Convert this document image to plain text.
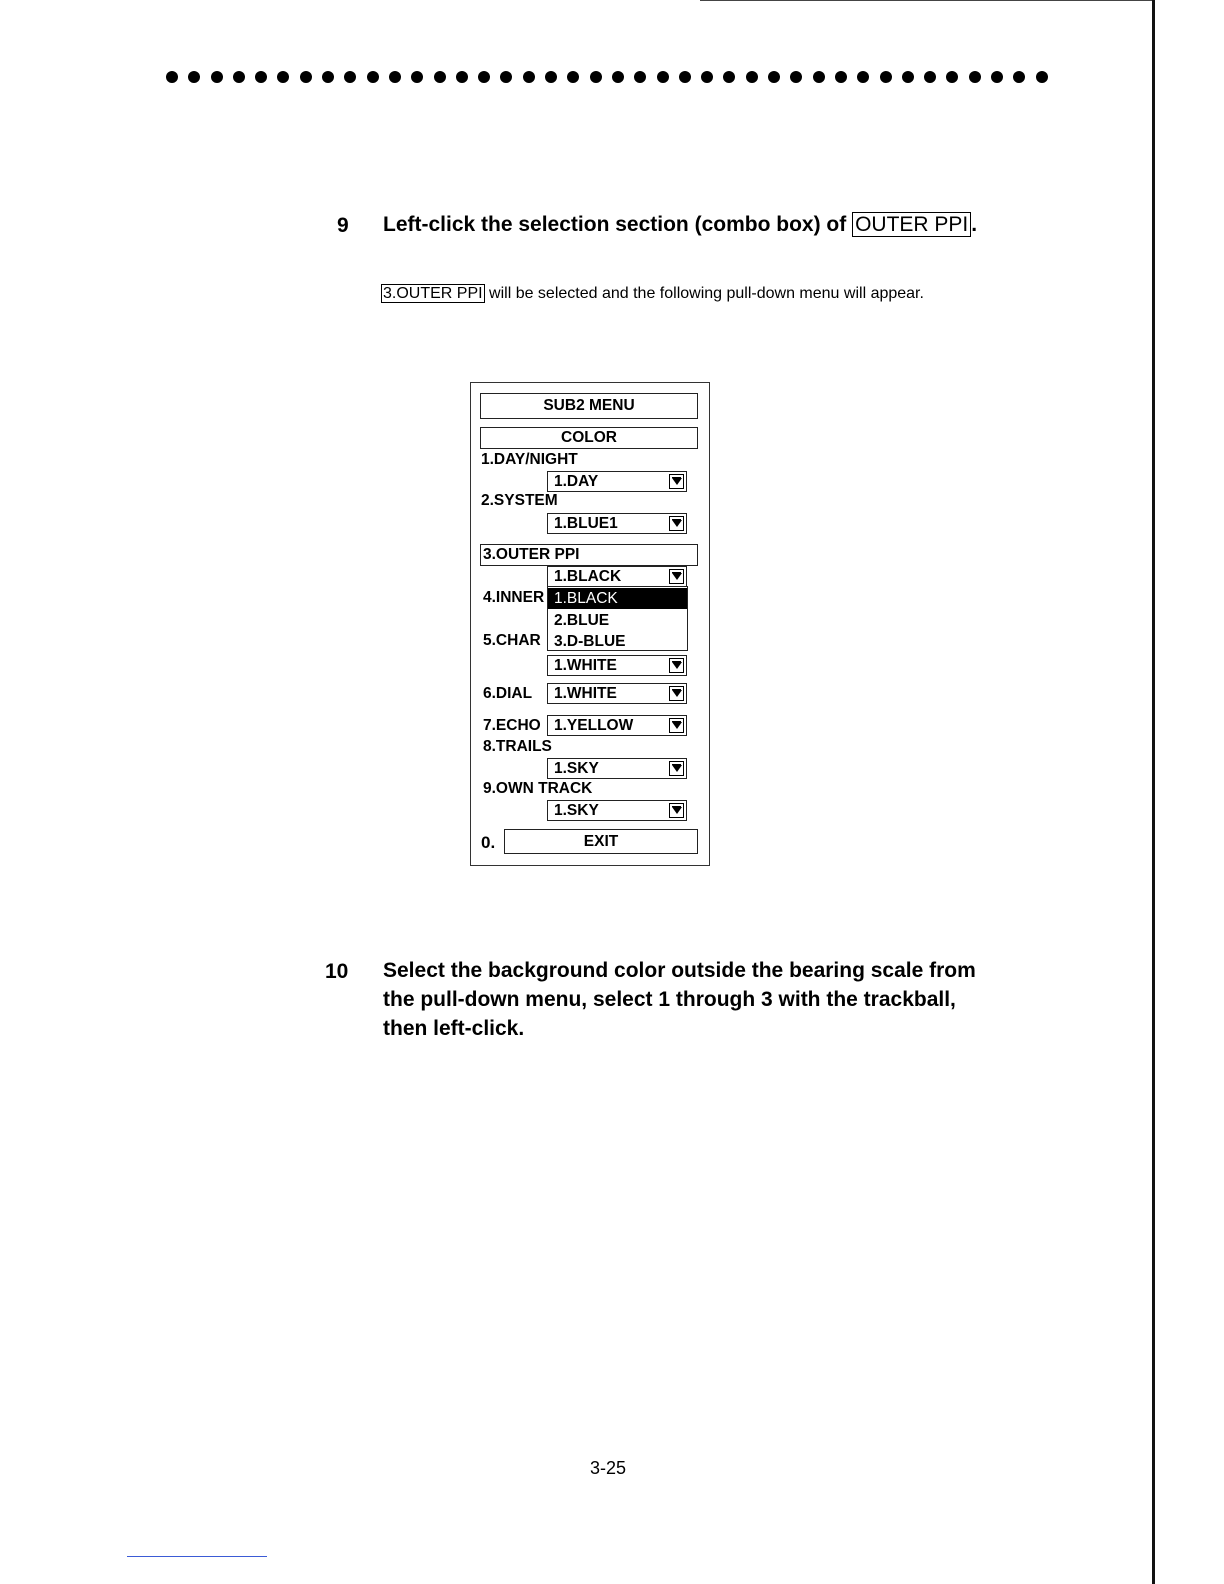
9 Left-click the selection section (combo box) of OUTER PPI .
3.OUTER PPI will be selected and the following pull-down menu will appear.
SUB2 MENU
COLOR
1.DAY/NIGHT
1.DAY
2.SYSTEM
1.BLUE1
3.OUTER PPI
1.BLACK
4.INNER
5.CHAR
1.BLACK
2.BLUE
3.D-BLUE
1.WHITE
6.DIAL 1.WHITE
7.ECHO 1.YELLOW
8.TRAILS
1.SKY
9.OWN TRACK
1.SKY
0.	EXIT
10 Select the background color outside the bearing scale from
the pull-down menu, select 1 through 3 with the trackball,
then left-click.
3-25
